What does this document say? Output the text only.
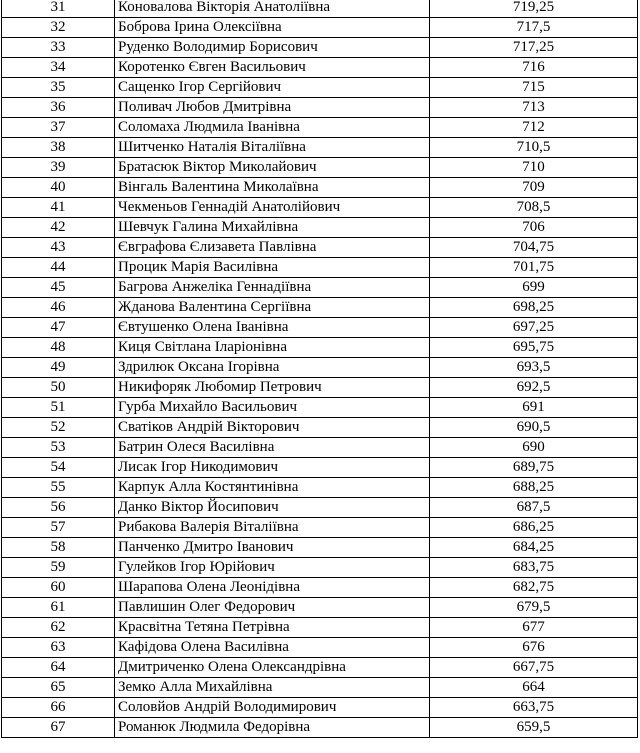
31	Коновалова Вікторія Анатоліївна	719,25
32	Боброва Ірина Олексіївна	717,5
33	Руденко Володимир Борисович	717,25
34	Коротенко Євген Васильович	716
35	Сащенко Ігор Сергійович	715
36	Поливач Любов Дмитрівна	713
37	Соломаха Людмила Іванівна	712
38	Шитченко Наталія Віталіївна	710,5
39	Братасюк Віктор Миколайович	710
40	Вінгаль Валентина Миколаївна	709
41	Чекменьов Геннадій Анатолійович	708,5
42	Шевчук Галина Михайлівна	706
43	Євграфова Єлизавета Павлівна	704,75
44	Процик Марія Василівна	701,75
45	Багрова Анжеліка Геннадіївна	699
46	Жданова Валентина Сергіївна	698,25
47	Євтушенко Олена Іванівна	697,25
48	Киця Світлана Іларіонівна	695,75
49	Здрилюк Оксана Ігорівна	693,5
50	Никифоряк Любомир Петрович	692,5
51	Гурба Михайло Васильович	691
52	Сватіков Андрій Вікторович	690,5
53	Батрин Олеся Василівна	690
54	Лисак Ігор Никодимович	689,75
55	Карпук Алла Костянтинівна	688,25
56	Данко Віктор Йосипович	687,5
57	Рибакова Валерія Віталіївна	686,25
58	Панченко Дмитро Іванович	684,25
59	Гулейков Ігор Юрійович	683,75
60	Шарапова Олена Леонідівна	682,75
61	Павлишин Олег Федорович	679,5
62	Красвітна Тетяна Петрівна	677
63	Кафідова Олена Василівна	676
64	Дмитриченко Олена Олександрівна	667,75
65	Земко Алла Михайлівна	664
66	Соловйов Андрій Володимирович	663,75
67	Романюк Людмила Федорівна	659,5
